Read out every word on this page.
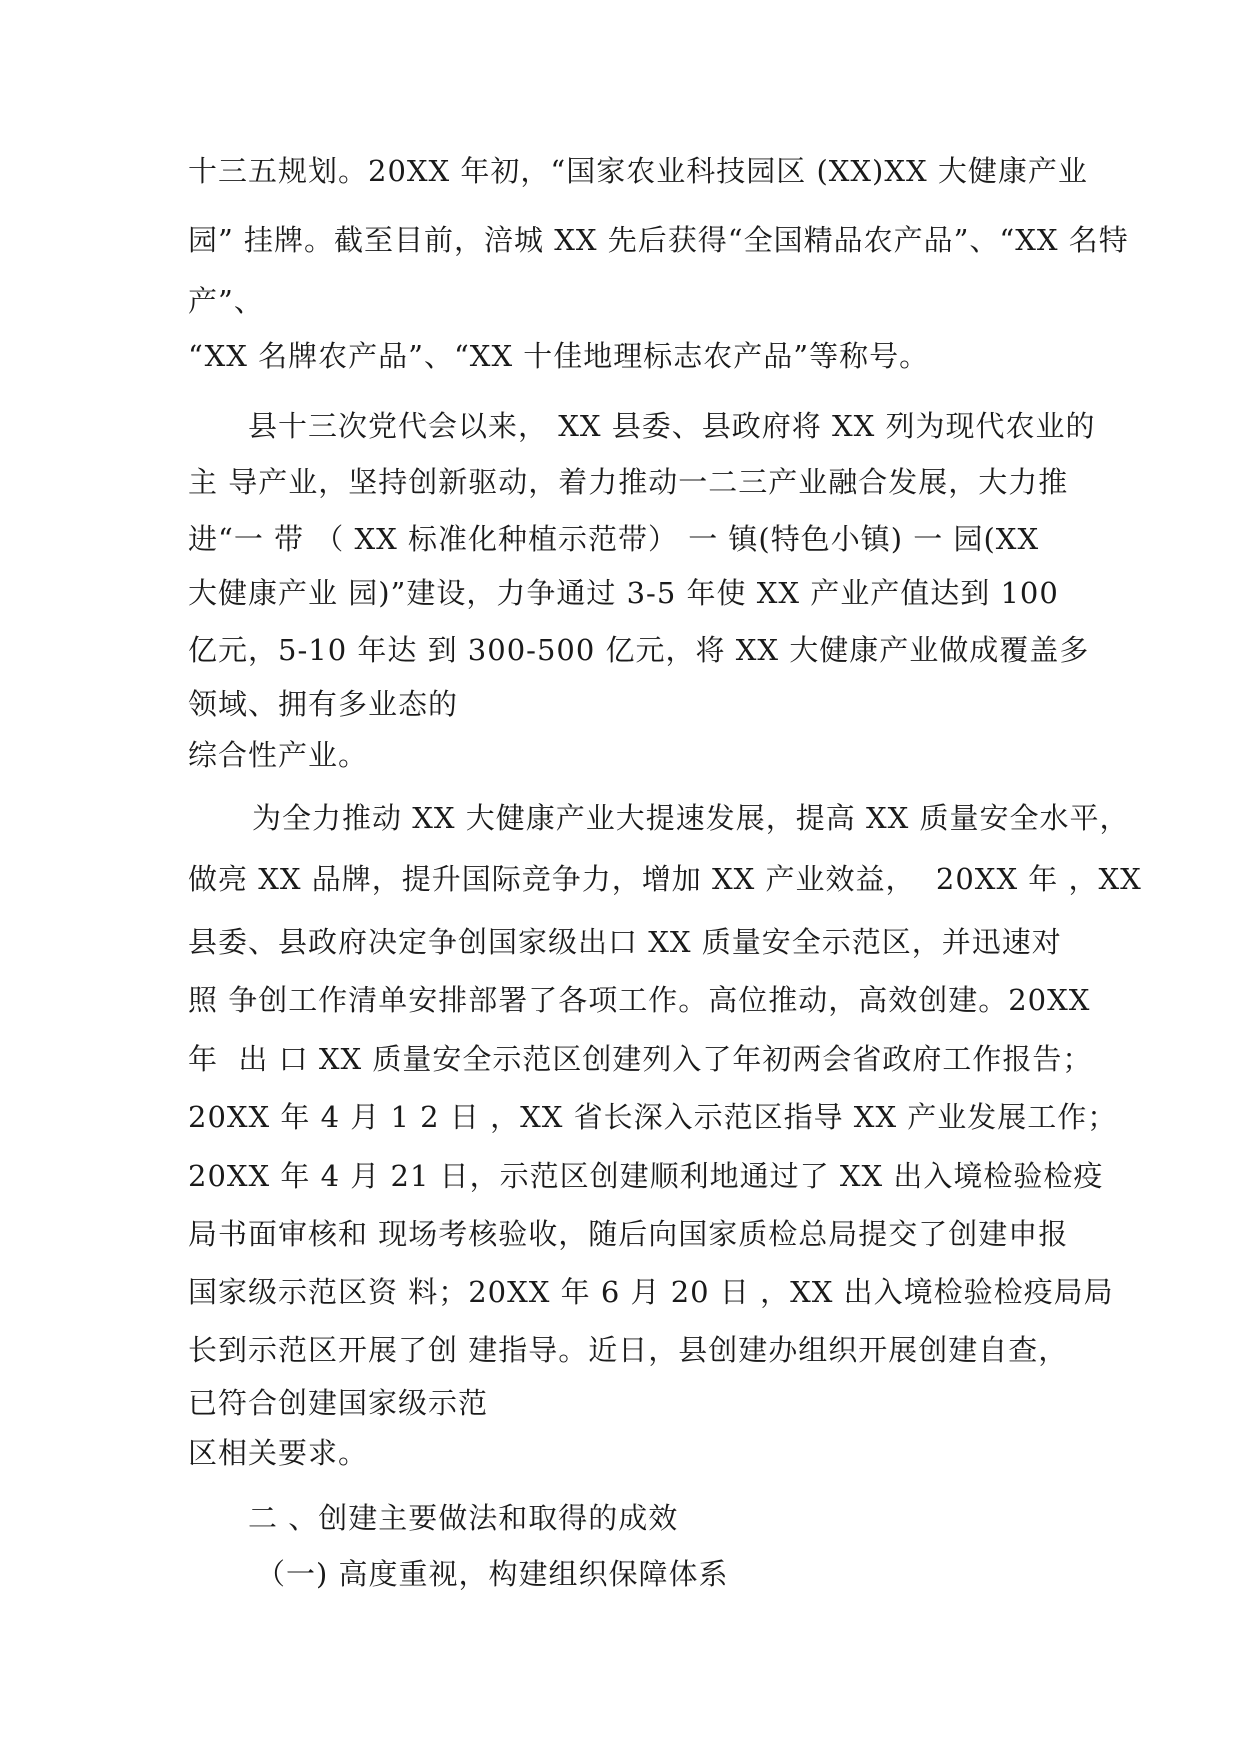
十三五规划。20XX 年初，“国家农业科技园区 (XX)XX 大健康产业
园” 挂牌。截至目前，涪城 XX 先后获得“全国精品农产品”、“XX 名特
产”、
“XX 名牌农产品”、“XX 十佳地理标志农产品”等称号。
县十三次党代会以来， XX 县委、县政府将 XX 列为现代农业的
主 导产业，坚持创新驱动，着力推动一二三产业融合发展，大力推
进“一 带 （ XX 标准化种植示范带） 一 镇(特色小镇) 一 园(XX
大健康产业 园)”建设，力争通过 3-5 年使 XX 产业产值达到 100
亿元，5-10 年达 到 300-500 亿元，将 XX 大健康产业做成覆盖多
领域、拥有多业态的
综合性产业。
为全力推动 XX 大健康产业大提速发展，提高 XX 质量安全水平，
做亮 XX 品牌，提升国际竞争力，增加 XX 产业效益，  20XX 年 ，XX
县委、县政府决定争创国家级出口 XX 质量安全示范区，并迅速对
照 争创工作清单安排部署了各项工作。高位推动，高效创建。20XX
年  出 口 XX 质量安全示范区创建列入了年初两会省政府工作报告；
20XX 年 4 月 1 2 日 ，XX 省长深入示范区指导 XX 产业发展工作；
20XX 年 4 月 21 日，示范区创建顺利地通过了 XX 出入境检验检疫
局书面审核和 现场考核验收，随后向国家质检总局提交了创建申报
国家级示范区资 料；20XX 年 6 月 20 日 ，XX 出入境检验检疫局局
长到示范区开展了创 建指导。近日，县创建办组织开展创建自查，
已符合创建国家级示范
区相关要求。
二 、创建主要做法和取得的成效
（一) 高度重视，构建组织保障体系
